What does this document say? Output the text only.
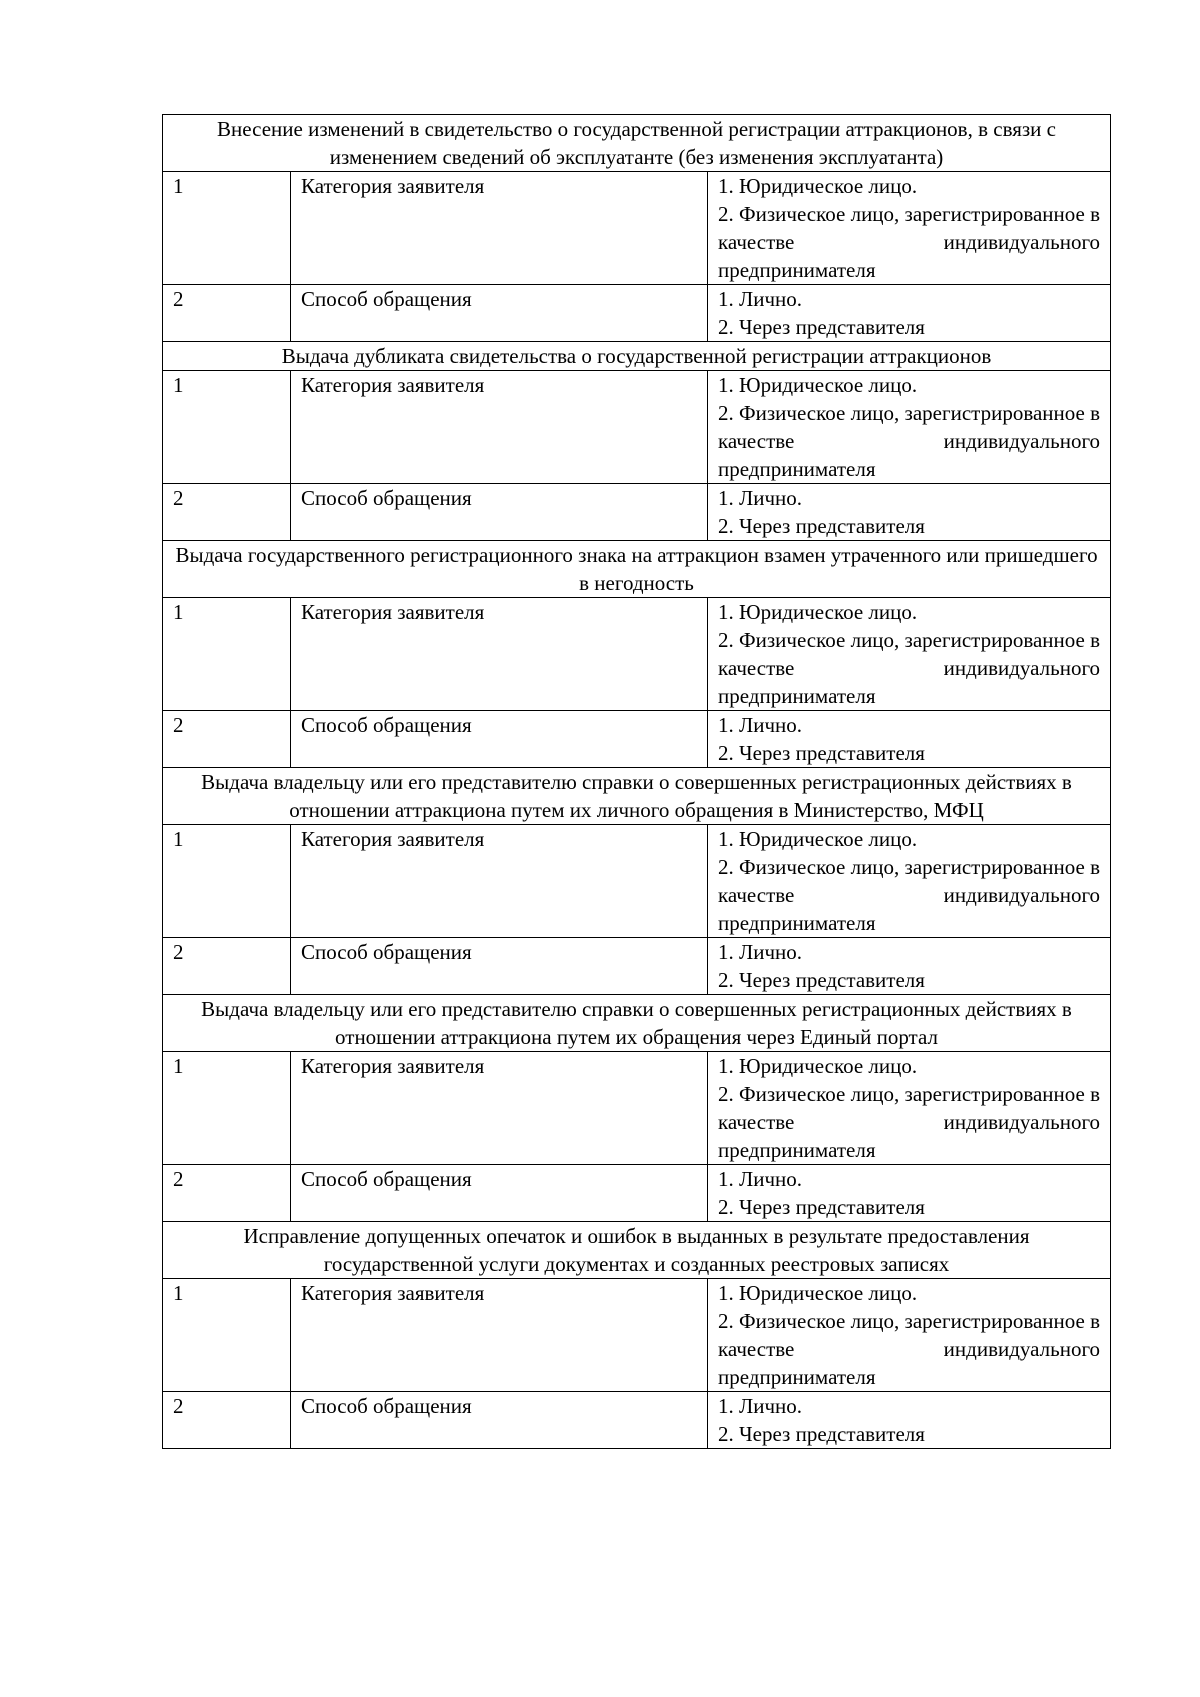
Внесение изменений в свидетельство о государственной регистрации аттракционов, в связи с изменением сведений об эксплуатанте (без изменения эксплуатанта)		
1	Категория заявителя	1. Юридическое лицо.
2. Физическое лицо, зарегистрированное в качестве индивидуального предпринимателя

2	Способ обращения	1. Лично.
2. Через представителя

Выдача дубликата свидетельства о государственной регистрации аттракционов		
1	Категория заявителя	1. Юридическое лицо.
2. Физическое лицо, зарегистрированное в качестве индивидуального предпринимателя

2	Способ обращения	1. Лично.
2. Через представителя

Выдача государственного регистрационного знака на аттракцион взамен утраченного или пришедшего в негодность		
1	Категория заявителя	1. Юридическое лицо.
2. Физическое лицо, зарегистрированное в качестве индивидуального предпринимателя

2	Способ обращения	1. Лично.
2. Через представителя

Выдача владельцу или его представителю справки о совершенных регистрационных действиях в отношении аттракциона путем их личного обращения в Министерство, МФЦ		
1	Категория заявителя	1. Юридическое лицо.
2. Физическое лицо, зарегистрированное в качестве индивидуального предпринимателя

2	Способ обращения	1. Лично.
2. Через представителя

Выдача владельцу или его представителю справки о совершенных регистрационных действиях в отношении аттракциона путем их обращения через Единый портал		
1	Категория заявителя	1. Юридическое лицо.
2. Физическое лицо, зарегистрированное в качестве индивидуального предпринимателя

2	Способ обращения	1. Лично.
2. Через представителя

Исправление допущенных опечаток и ошибок в выданных в результате предоставления государственной услуги документах и созданных реестровых записях		
1	Категория заявителя	1. Юридическое лицо.
2. Физическое лицо, зарегистрированное в качестве индивидуального предпринимателя

2	Способ обращения	1. Лично.
2. Через представителя
